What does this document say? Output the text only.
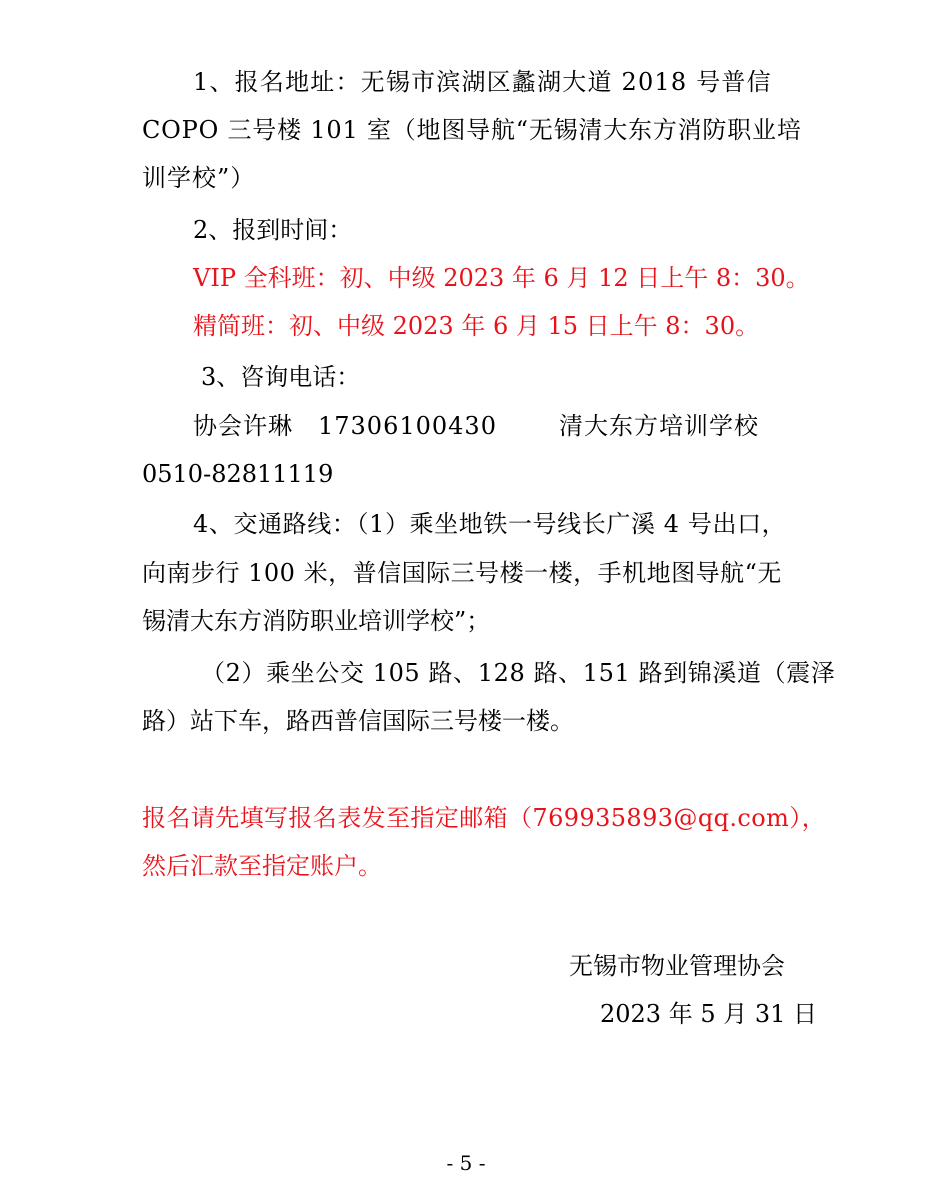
1、报名地址：无锡市滨湖区蠡湖大道 2018 号普信
COPO 三号楼 101 室（地图导航“无锡清大东方消防职业培
训学校”）
2、报到时间：
VIP 全科班：初、中级 2023 年 6 月 12 日上午 8：30。
精简班：初、中级 2023 年 6 月 15 日上午 8：30。
3、咨询电话：
协会许琳　17306100430	清大东方培训学校
0510-82811119
4、交通路线：（1）乘坐地铁一号线长广溪 4 号出口，
向南步行 100 米，普信国际三号楼一楼，手机地图导航“无
锡清大东方消防职业培训学校”；
（2）乘坐公交 105 路、128 路、151 路到锦溪道（震泽
路）站下车，路西普信国际三号楼一楼。
报名请先填写报名表发至指定邮箱（769935893@qq.com），
然后汇款至指定账户。
无锡市物业管理协会
2023 年 5 月 31 日
- 5 -
